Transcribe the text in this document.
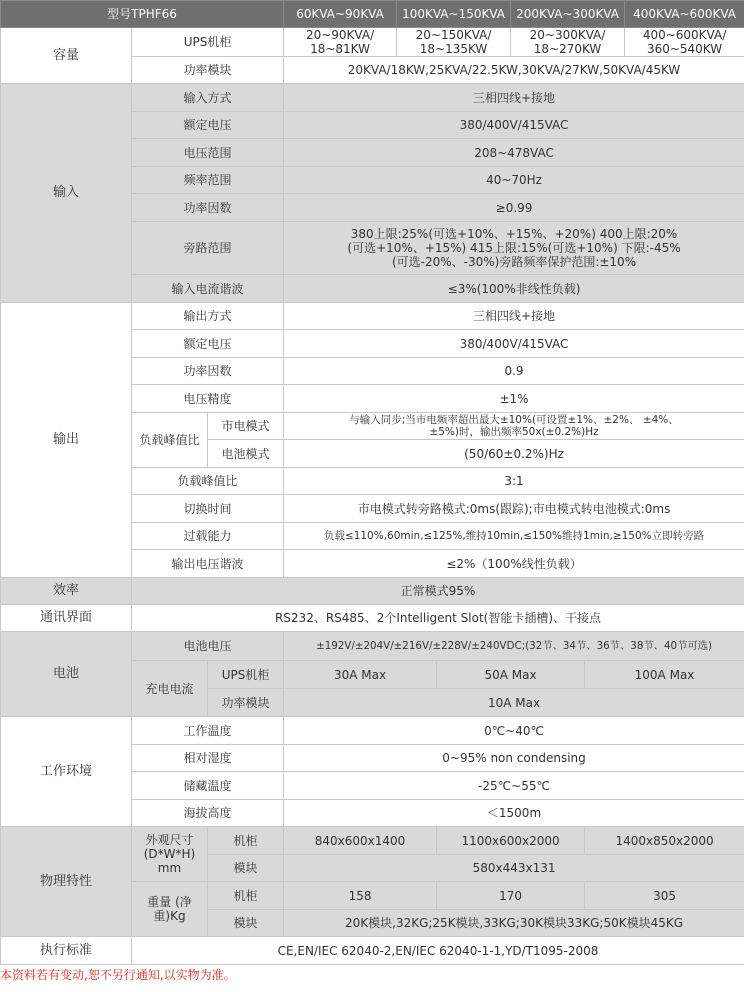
型号TPHF66			60KVA~90KVA	100KVA~150KVA		200KVA~300KVA		400KVA~600KVA
容量	UPS机柜		20~90KVA/ 18~81KW	20~150KVA/ 18~135KW		20~300KVA/ 18~270KW		400~600KVA/ 360~540KW
	功率模块		20KVA/18KW,25KVA/22.5KW,30KVA/27KW,50KVA/45KW					
输入	输入方式		三相四线+接地					
	额定电压		380/400V/415VAC					
	电压范围		208~478VAC					
	频率范围		40~70Hz					
	功率因数		≥0.99					
	旁路范围		380上限:25%(可选+10%、+15%、+20%) 400上限:20% (可选+10%、+15%) 415上限:15%(可选+10%) 下限:-45%(可选-20%、-30%)旁路频率保护范围:±10%					
	输入电流谐波		≤3%(100%非线性负载)					
输出	输出方式		三相四线+接地					
	额定电压		380/400V/415VAC					
	功率因数		0.9					
	电压精度		±1%					
	负载峰值比	市电模式	与输入同步;当市电频率超出最大±10%(可设置±1%、±2%、 ±4%、±5%)时，输出频率50x(±0.2%)Hz					
		电池模式	(50/60±0.2%)Hz					
	负载峰值比		3:1					
	切换时间		市电模式转旁路模式:0ms(跟踪);市电模式转电池模式:0ms					
	过载能力		负载≤110%,60min,≤125%,维持10min,≤150%维持1min,≥150%立即转旁路					
	输出电压谐波		≤2%（100%线性负载）					
效率	正常模式95%							
通讯界面	RS232、RS485、2个Intelligent Slot(智能卡插槽)、干接点							
电池	电池电压		±192V/±204V/±216V/±228V/±240VDC;(32节、34节、36节、38节、40节可选)					
	充电电流	UPS机柜	30A Max		50A Max		100A Max	
		功率模块	10A Max					
工作环境	工作温度		0℃~40℃					
	相对湿度		0~95% non condensing					
	储藏温度		-25℃~55℃					
	海拔高度		＜1500m					
物理特性	外观尺寸 (D*W*H) mm	机柜	840x600x1400		1100x600x2000		1400x850x2000	
		模块	580x443x131					
	重量 (净重)Kg	机柜	158		170		305	
		模块	20K模块,32KG;25K模块,33KG;30K模块33KG;50K模块45KG					
执行标准	CE,EN/IEC 62040-2,EN/IEC 62040-1-1,YD/T1095-2008							
本资料若有变动,恕不另行通知,以实物为准。
